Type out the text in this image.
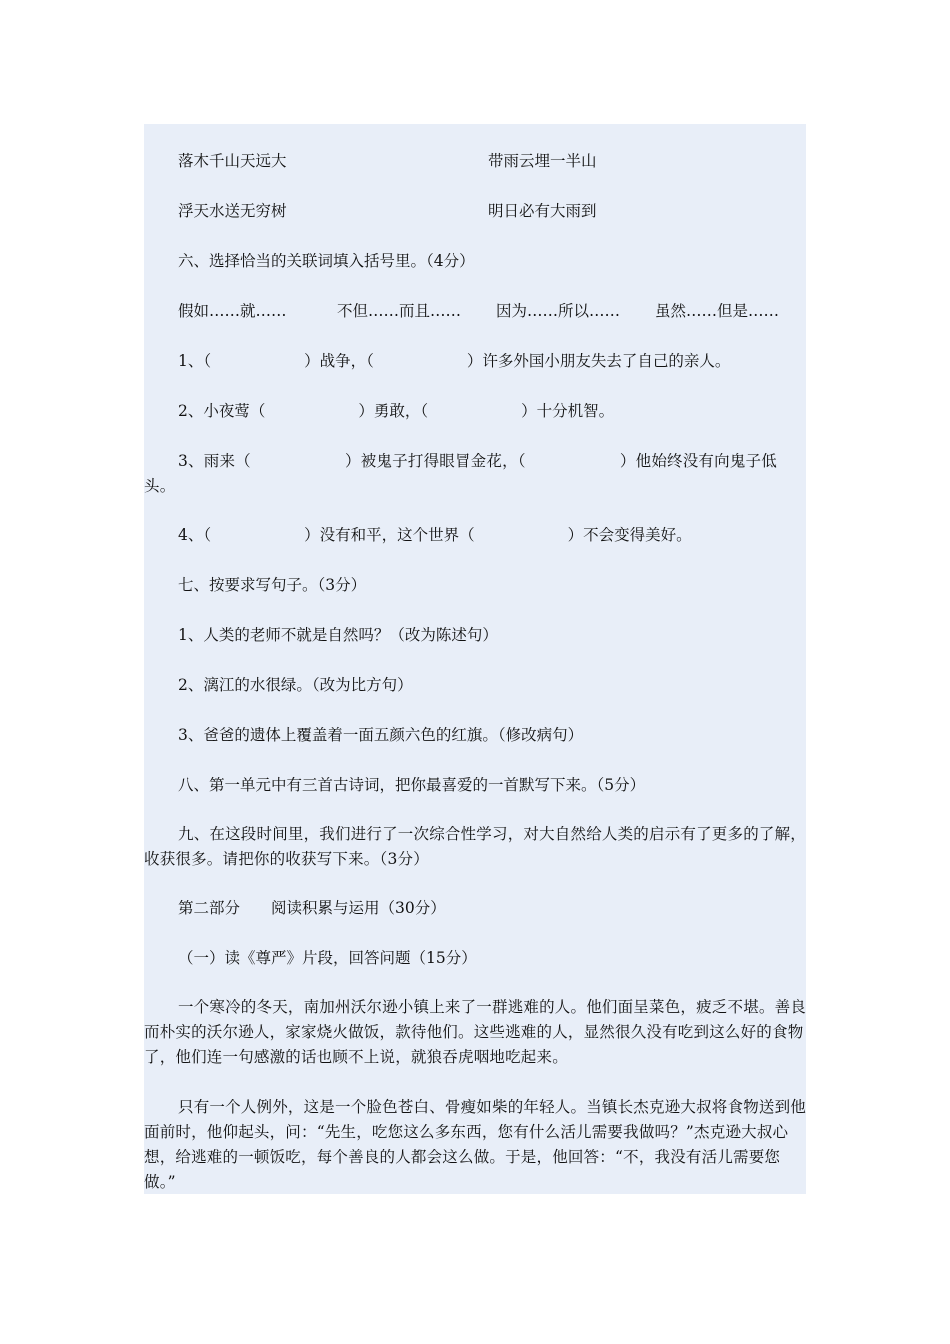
落木千山天远大	带雨云埋一半山
浮天水送无穷树	明日必有大雨到
六、选择恰当的关联词填入括号里。（4分）
假如……就……	不但……而且…… 因为……所以…… 虽然……但是……
1、（　　　　　　）战争，（　　　　　　）许多外国小朋友失去了自己的亲人。
2、小夜莺（　　　　　　）勇敢，（　　　　　　）十分机智。
3、雨来（　　　　　　）被鬼子打得眼冒金花，（　　　　　　）他始终没有向鬼子低头。
4、（　　　　　　）没有和平，这个世界（　　　　　　）不会变得美好。
七、按要求写句子。（3分）
1、人类的老师不就是自然吗？（改为陈述句）
2、漓江的水很绿。（改为比方句）
3、爸爸的遗体上覆盖着一面五颜六色的红旗。（修改病句）
八、第一单元中有三首古诗词，把你最喜爱的一首默写下来。（5分）
九、在这段时间里，我们进行了一次综合性学习，对大自然给人类的启示有了更多的了解，收获很多。请把你的收获写下来。（3分）
第二部分　　阅读积累与运用（30分）
（一）读《尊严》片段，回答问题（15分）
一个寒冷的冬天，南加州沃尔逊小镇上来了一群逃难的人。他们面呈菜色，疲乏不堪。善良而朴实的沃尔逊人，家家烧火做饭，款待他们。这些逃难的人，显然很久没有吃到这么好的食物了，他们连一句感激的话也顾不上说，就狼吞虎咽地吃起来。
只有一个人例外，这是一个脸色苍白、骨瘦如柴的年轻人。当镇长杰克逊大叔将食物送到他面前时，他仰起头，问：“先生，吃您这么多东西，您有什么活儿需要我做吗？”杰克逊大叔心想，给逃难的一顿饭吃，每个善良的人都会这么做。于是，他回答：“不，我没有活儿需要您做。”
